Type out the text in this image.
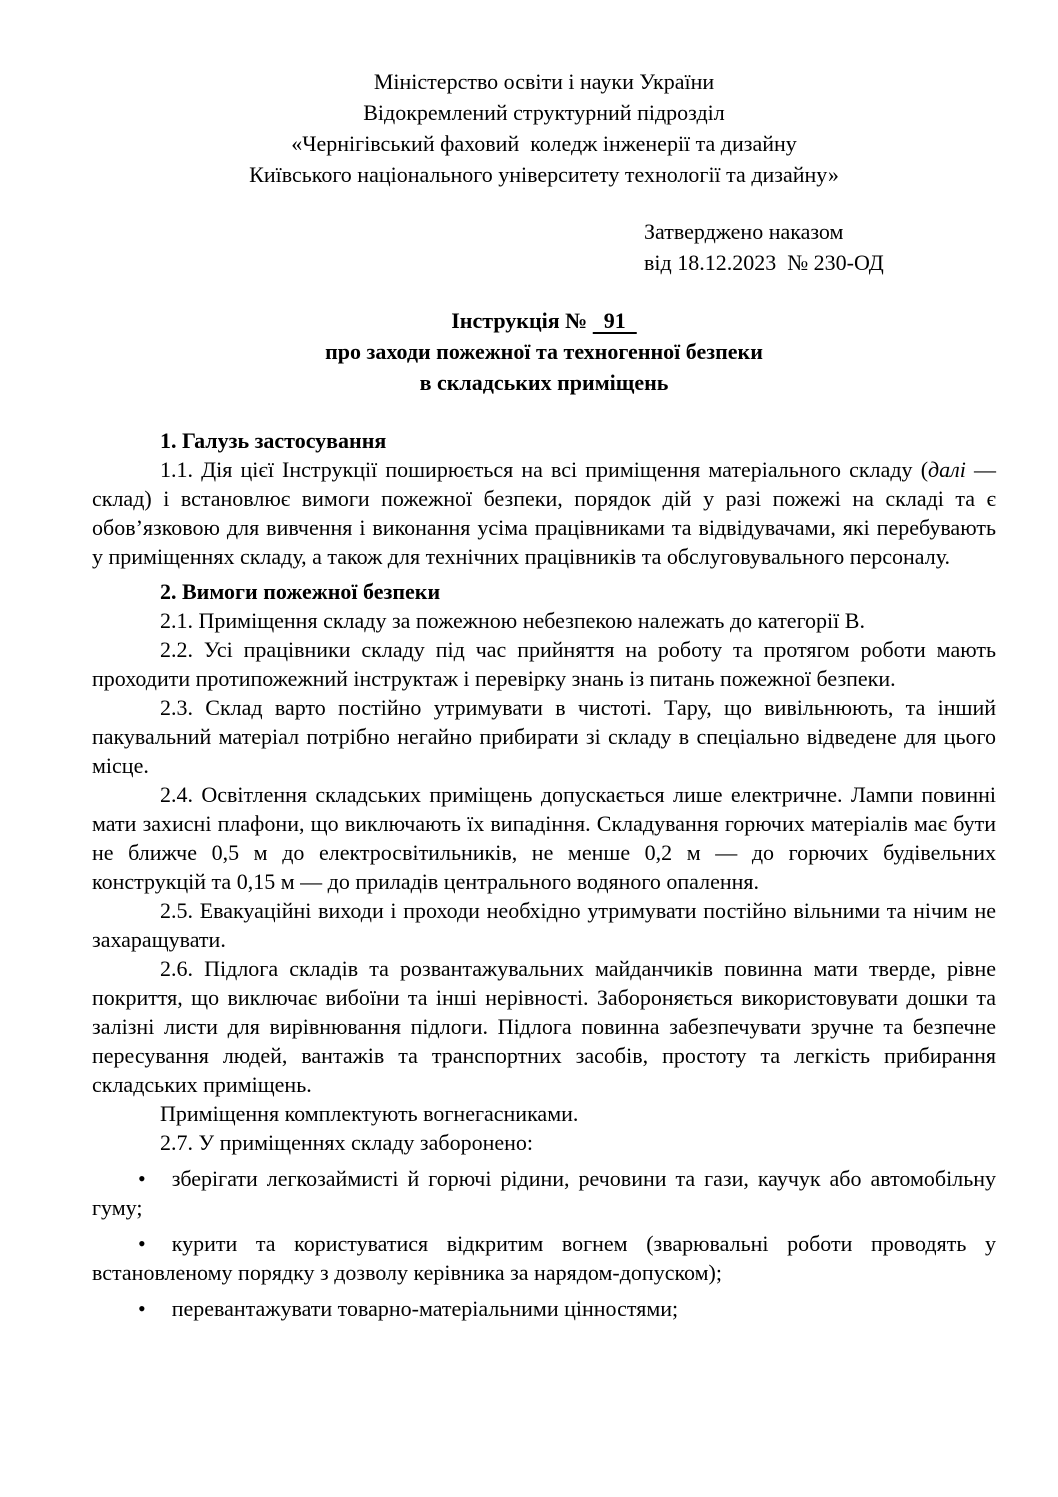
Міністерство освіти і науки України

Відокремлений структурний підрозділ

«Чернігівський фаховий  коледж інженерії та дизайну

Київського національного університету технології та дизайну»

Затверджено наказом

від 18.12.2023  № 230-ОД

Інструкція №   91

про заходи пожежної та техногенної безпеки

в складських приміщень

1. Галузь застосування

1.1. Дія цієї Інструкції поширюється на всі приміщення матеріального складу (далі — склад) і встановлює вимоги пожежної безпеки, порядок дій у разі пожежі на складі та є обов’язковою для вивчення і виконання усіма працівниками та відвідувачами, які перебувають у приміщеннях складу, а також для технічних працівників та обслуговувального персоналу.

2. Вимоги пожежної безпеки

2.1. Приміщення складу за пожежною небезпекою належать до категорії В.

2.2. Усі працівники складу під час прийняття на роботу та протягом роботи мають проходити протипожежний інструктаж і перевірку знань із питань пожежної безпеки.

2.3. Склад варто постійно утримувати в чистоті. Тару, що вивільнюють, та інший пакувальний матеріал потрібно негайно прибирати зі складу в спеціально відведене для цього місце.

2.4. Освітлення складських приміщень допускається лише електричне. Лампи повинні мати захисні плафони, що виключають їх випадіння. Складування горючих матеріалів має бути не ближче 0,5 м до електросвітильників, не менше 0,2 м — до горючих будівельних конструкцій та 0,15 м — до приладів центрального водяного опалення.

2.5. Евакуаційні виходи і проходи необхідно утримувати постійно вільними та нічим не захаращувати.

2.6. Підлога складів та розвантажувальних майданчиків повинна мати тверде, рівне покриття, що виключає вибоїни та інші нерівності. Забороняється використовувати дошки та залізні листи для вирівнювання підлоги. Підлога повинна забезпечувати зручне та безпечне пересування людей, вантажів та транспортних засобів, простоту та легкість прибирання складських приміщень.

Приміщення комплектують вогнегасниками.

2.7. У приміщеннях складу заборонено:

• зберігати легкозаймисті й горючі рідини, речовини та гази, каучук або автомобільну гуму;

• курити та користуватися відкритим вогнем (зварювальні роботи проводять у встановленому порядку з дозволу керівника за нарядом-допуском);

• перевантажувати товарно-матеріальними цінностями;
